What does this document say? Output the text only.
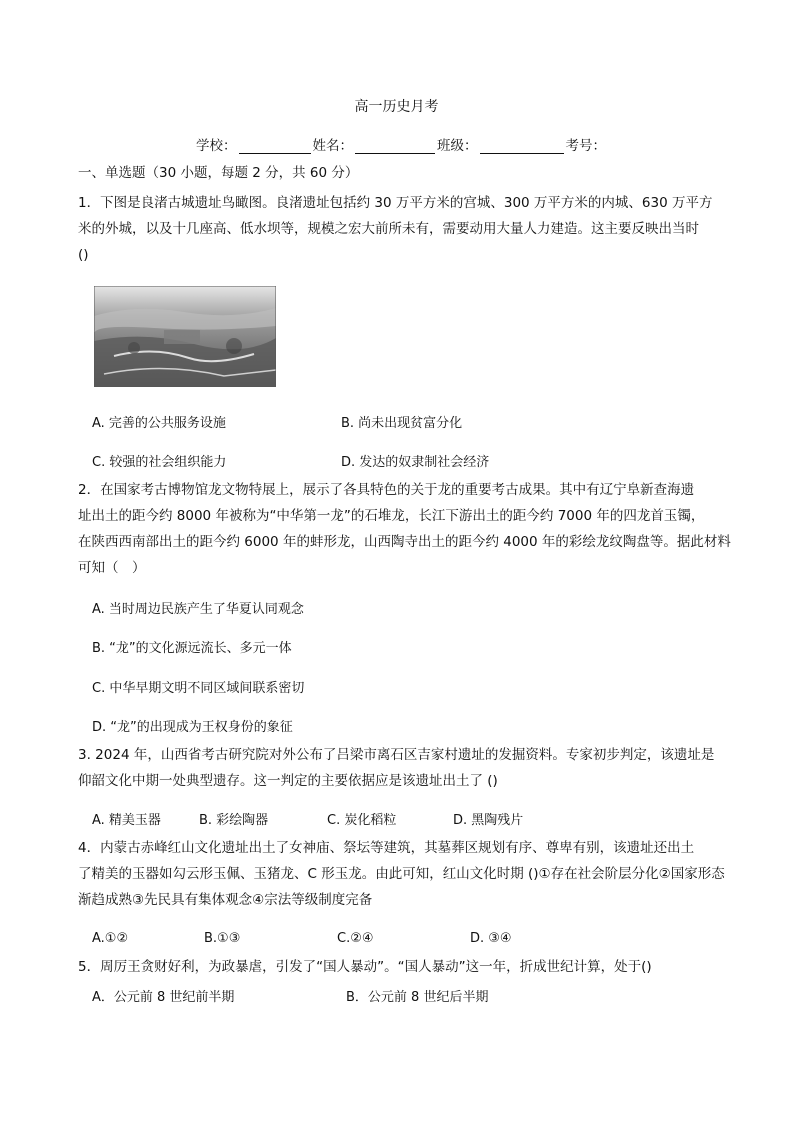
高一历史月考
学校：	姓名：	班级：	考号：
一、单选题（30 小题，每题 2 分，共 60 分）
1．下图是良渚古城遗址鸟瞰图。良渚遗址包括约 30 万平方米的宫城、300 万平方米的内城、630 万平方
米的外城，以及十几座高、低水坝等，规模之宏大前所未有，需要动用大量人力建造。这主要反映出当时
()
A. 完善的公共服务设施	B. 尚未出现贫富分化
C. 较强的社会组织能力	D. 发达的奴隶制社会经济
2．在国家考古博物馆龙文物特展上，展示了各具特色的关于龙的重要考古成果。其中有辽宁阜新查海遗
址出土的距今约 8000 年被称为“中华第一龙”的石堆龙，长江下游出土的距今约 7000 年的四龙首玉镯，
在陕西西南部出土的距今约 6000 年的蚌形龙，山西陶寺出土的距今约 4000 年的彩绘龙纹陶盘等。据此材料
可知（　）
A. 当时周边民族产生了华夏认同观念
B. “龙”的文化源远流长、多元一体
C. 中华早期文明不同区域间联系密切
D. “龙”的出现成为王权身份的象征
3. 2024 年，山西省考古研究院对外公布了吕梁市离石区吉家村遗址的发掘资料。专家初步判定，该遗址是
仰韶文化中期一处典型遗存。这一判定的主要依据应是该遗址出土了 ()
A. 精美玉器	B. 彩绘陶器	C. 炭化稻粒	D. 黑陶残片
4．内蒙古赤峰红山文化遗址出土了女神庙、祭坛等建筑，其墓葬区规划有序、尊卑有别，该遗址还出土
了精美的玉器如勾云形玉佩、玉猪龙、C 形玉龙。由此可知，红山文化时期 ()①存在社会阶层分化②国家形态
渐趋成熟③先民具有集体观念④宗法等级制度完备
A.①②	B.①③	C.②④	D. ③④
5．周厉王贪财好利，为政暴虐，引发了“国人暴动”。“国人暴动”这一年，折成世纪计算，处于()
A．公元前 8 世纪前半期	B．公元前 8 世纪后半期
